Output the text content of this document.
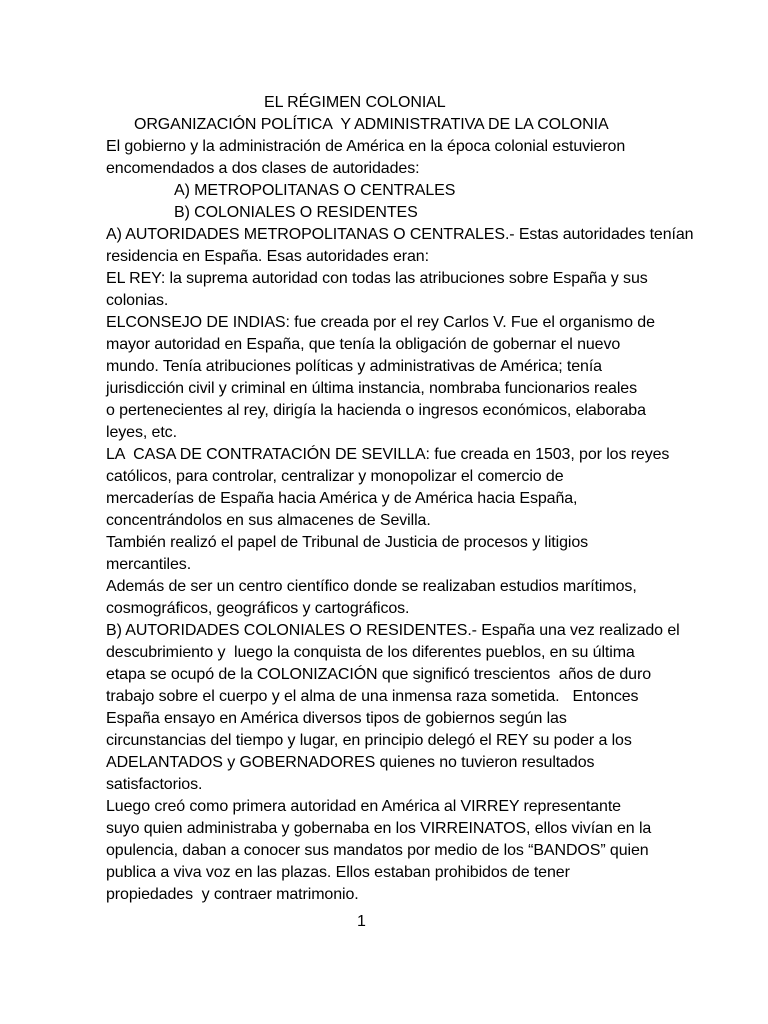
EL RÉGIMEN COLONIAL
ORGANIZACIÓN POLÍTICA  Y ADMINISTRATIVA DE LA COLONIA
El gobierno y la administración de América en la época colonial estuvieron
encomendados a dos clases de autoridades:
A) METROPOLITANAS O CENTRALES
B) COLONIALES O RESIDENTES
A) AUTORIDADES METROPOLITANAS O CENTRALES.- Estas autoridades tenían
residencia en España. Esas autoridades eran:
EL REY: la suprema autoridad con todas las atribuciones sobre España y sus
colonias.
ELCONSEJO DE INDIAS: fue creada por el rey Carlos V. Fue el organismo de
mayor autoridad en España, que tenía la obligación de gobernar el nuevo
mundo. Tenía atribuciones políticas y administrativas de América; tenía
jurisdicción civil y criminal en última instancia, nombraba funcionarios reales
o pertenecientes al rey, dirigía la hacienda o ingresos económicos, elaboraba
leyes, etc.
LA  CASA DE CONTRATACIÓN DE SEVILLA: fue creada en 1503, por los reyes
católicos, para controlar, centralizar y monopolizar el comercio de
mercaderías de España hacia América y de América hacia España,
concentrándolos en sus almacenes de Sevilla.
También realizó el papel de Tribunal de Justicia de procesos y litigios
mercantiles.
Además de ser un centro científico donde se realizaban estudios marítimos,
cosmográficos, geográficos y cartográficos.
B) AUTORIDADES COLONIALES O RESIDENTES.- España una vez realizado el
descubrimiento y  luego la conquista de los diferentes pueblos, en su última
etapa se ocupó de la COLONIZACIÓN que significó trescientos  años de duro
trabajo sobre el cuerpo y el alma de una inmensa raza sometida.   Entonces
España ensayo en América diversos tipos de gobiernos según las
circunstancias del tiempo y lugar, en principio delegó el REY su poder a los
ADELANTADOS y GOBERNADORES quienes no tuvieron resultados
satisfactorios.
Luego creó como primera autoridad en América al VIRREY representante
suyo quien administraba y gobernaba en los VIRREINATOS, ellos vivían en la
opulencia, daban a conocer sus mandatos por medio de los “BANDOS” quien
publica a viva voz en las plazas. Ellos estaban prohibidos de tener
propiedades  y contraer matrimonio.
1
